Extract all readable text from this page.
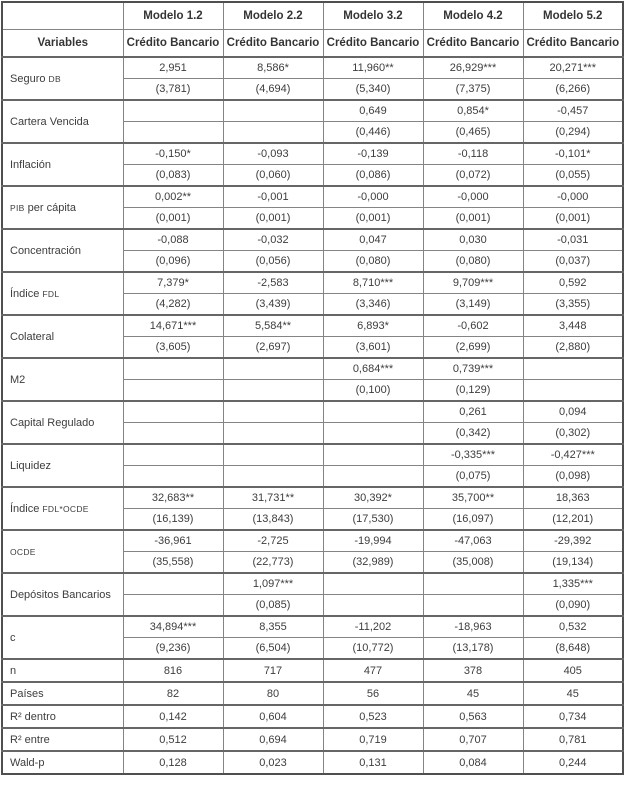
	Modelo 1.2	Modelo 2.2	Modelo 3.2	Modelo 4.2	Modelo 5.2
Variables	Crédito Bancario	Crédito Bancario	Crédito Bancario	Crédito Bancario	Crédito Bancario
Seguro DB	2,951	8,586*	11,960**	26,929***	20,271***
	(3,781)	(4,694)	(5,340)	(7,375)	(6,266)
Cartera Vencida			0,649	0,854*	-0,457
			(0,446)	(0,465)	(0,294)
Inflación	-0,150*	-0,093	-0,139	-0,118	-0,101*
	(0,083)	(0,060)	(0,086)	(0,072)	(0,055)
PIB per cápita	0,002**	-0,001	-0,000	-0,000	-0,000
	(0,001)	(0,001)	(0,001)	(0,001)	(0,001)
Concentración	-0,088	-0,032	0,047	0,030	-0,031
	(0,096)	(0,056)	(0,080)	(0,080)	(0,037)
Índice FDL	7,379*	-2,583	8,710***	9,709***	0,592
	(4,282)	(3,439)	(3,346)	(3,149)	(3,355)
Colateral	14,671***	5,584**	6,893*	-0,602	3,448
	(3,605)	(2,697)	(3,601)	(2,699)	(2,880)
M2			0,684***	0,739***	
			(0,100)	(0,129)	
Capital Regulado				0,261	0,094
				(0,342)	(0,302)
Liquidez				-0,335***	-0,427***
				(0,075)	(0,098)
Índice FDL*OCDE	32,683**	31,731**	30,392*	35,700**	18,363
	(16,139)	(13,843)	(17,530)	(16,097)	(12,201)
OCDE	-36,961	-2,725	-19,994	-47,063	-29,392
	(35,558)	(22,773)	(32,989)	(35,008)	(19,134)
Depósitos Bancarios		1,097***			1,335***
		(0,085)			(0,090)
c	34,894***	8,355	-11,202	-18,963	0,532
	(9,236)	(6,504)	(10,772)	(13,178)	(8,648)
n	816	717	477	378	405
Países	82	80	56	45	45
R² dentro	0,142	0,604	0,523	0,563	0,734
R² entre	0,512	0,694	0,719	0,707	0,781
Wald-p	0,128	0,023	0,131	0,084	0,244
